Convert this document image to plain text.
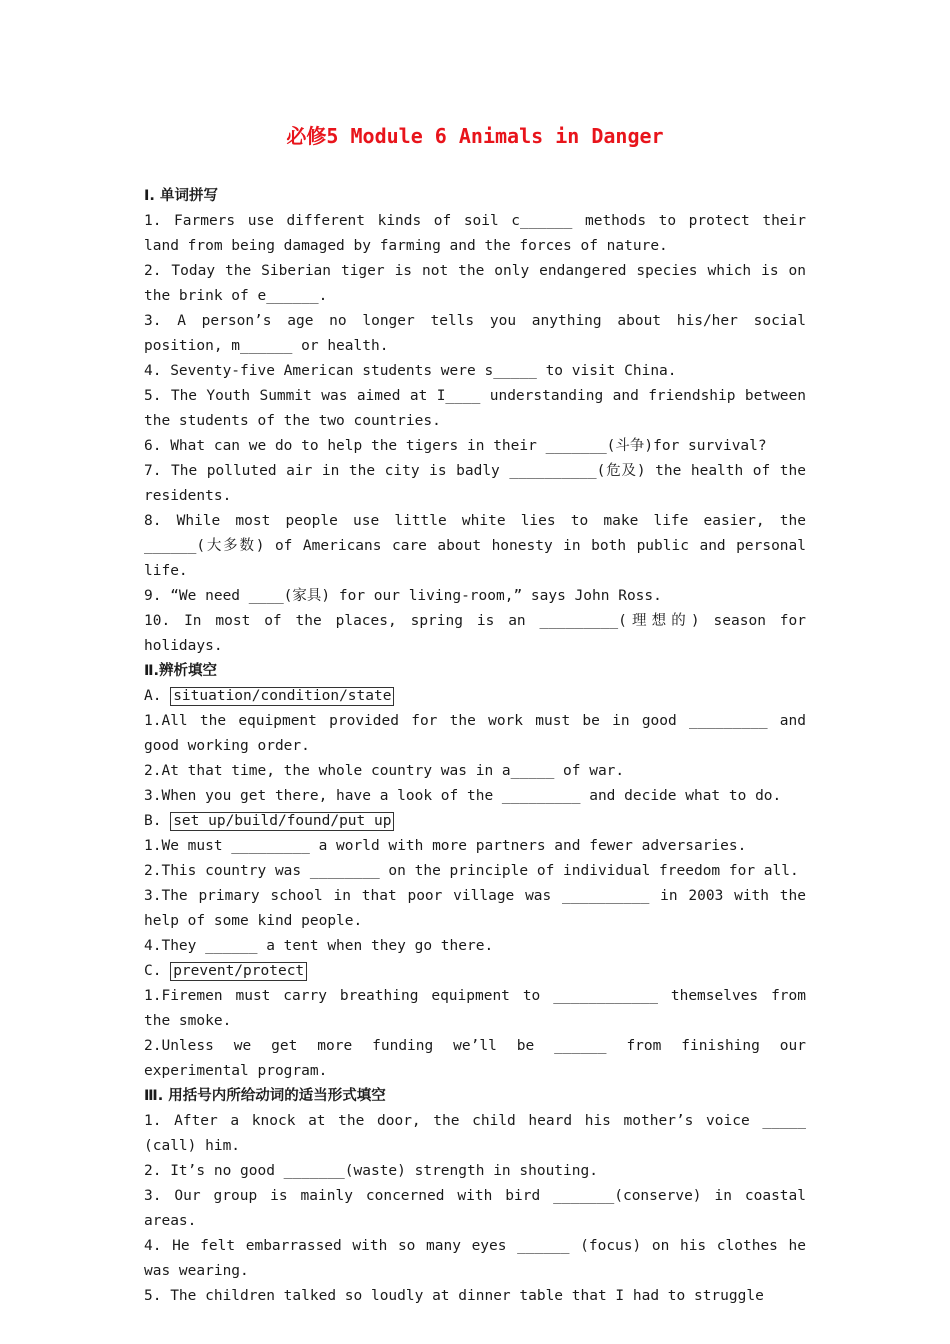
必修5 Module 6 Animals in Danger
Ⅰ. 单词拼写

1. Farmers use different kinds of soil c______ methods to protect their land from being damaged by farming and the forces of nature.

2. Today the Siberian tiger is not the only endangered species which is on the brink of e______.

3. A person’s age no longer tells you anything about his/her social position, m______ or health.

4. Seventy-five American students were s_____ to visit China.

5. The Youth Summit was aimed at I____ understanding and friendship between the students of the two countries.

6. What can we do to help the tigers in their _______(斗争)for survival?

7. The polluted air in the city is badly __________(危及) the health of the residents.

8. While most people use little white lies to make life easier, the ______(大多数) of Americans care about honesty in both public and personal life.

9. “We need ____(家具) for our living-room,” says John Ross.

10. In most of the places, spring is an _________(理想的) season for holidays.

Ⅱ.辨析填空
A. situation/condition/state

1.All the equipment provided for the work must be in good _________ and good working order.

2.At that time, the whole country was in a_____ of war.

3.When you get there, have a look of the _________ and decide what to do.

B. set up/build/found/put up

1.We must _________ a world with more partners and fewer adversaries.

2.This country was ________ on the principle of individual freedom for all.

3.The primary school in that poor village was __________ in 2003 with the help of some kind people.

4.They ______ a tent when they go there.

C. prevent/protect

1.Firemen must carry breathing equipment to ____________ themselves from the smoke.

2.Unless we get more funding we’ll be ______ from finishing our experimental program.

Ⅲ. 用括号内所给动词的适当形式填空

1. After a knock at the door, the child heard his mother’s voice _____ (call) him.

2. It’s no good _______(waste) strength in shouting.

3. Our group is mainly concerned with bird _______(conserve) in coastal areas.

4. He felt embarrassed with so many eyes ______ (focus) on his clothes he was wearing.

5. The children talked so loudly at dinner table that I had to struggle
